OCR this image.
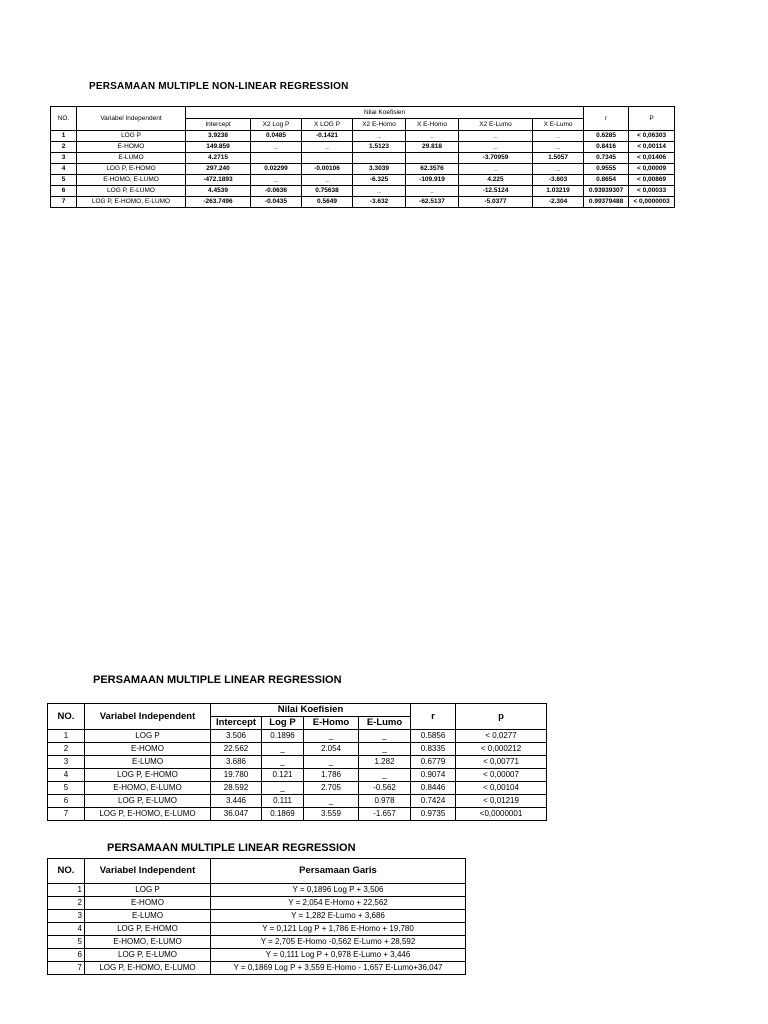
PERSAMAAN MULTIPLE NON-LINEAR REGRESSION
NO.	Variabel Independent	Nilai Koefisien							r	P
		Intercept	X2 Log P	X LOG P	X2 E-Homo	X E-Homo	X2 E-Lumo	X E-Lumo		
1	LOG P	3.9238	0.0485	-0.1421	_	_	_	_	0.6285	< 0,06303
2	E-HOMO	149.859	_	_	1.5123	29.818	_	_	0.8416	< 0,00114
3	E-LUMO	4.2715					-3.70959	1.5057	0.7345	< 0,01406
4	LOG P, E-HOMO	297.240	0.02299	-0.00106	3.3039	62.3576	_	_	0.9555	< 0,00009
5	E-HOMO, E-LUMO	-472.1893	_	_	-6.325	-109.919	4.225	-3.603	0.8654	< 0,00869
6	LOG P, E-LUMO	4.4539	-0.0636	0.75638	_	_	-12.5124	1.03219	0.93939307	< 0,00033
7	LOG P, E-HOMO, E-LUMO	-263.7496	-0.0435	0.5649	-3.632	-62.5137	-5.0377	-2.304	0.99379488	< 0,0000003
PERSAMAAN MULTIPLE LINEAR REGRESSION
NO.	Variabel Independent	Nilai Koefisien				r	p
		Intercept	Log P	E-Homo	E-Lumo		
1	LOG P	3.506	0.1896	_	_	0.5856	< 0,0277
2	E-HOMO	22.562	_	2.054	_	0.8335	< 0,000212
3	E-LUMO	3.686	_	_	1.282	0.6779	< 0,00771
4	LOG P, E-HOMO	19.780	0.121	1.786	_	0.9074	< 0,00007
5	E-HOMO, E-LUMO	28.592	_	2.705	-0.562	0.8446	< 0,00104
6	LOG P, E-LUMO	3.446	0.111	_	0.978	0.7424	< 0,01219
7	LOG P, E-HOMO, E-LUMO	36.047	0.1869	3.559	-1.657	0.9735	<0,0000001
PERSAMAAN MULTIPLE LINEAR REGRESSION
NO.	Variabel Independent	Persamaan Garis
1	LOG P	Y = 0,1896 Log P + 3,506
2	E-HOMO	Y = 2,054 E-Homo + 22,562
3	E-LUMO	Y = 1,282 E-Lumo + 3,686
4	LOG P, E-HOMO	Y = 0,121 Log P + 1,786 E-Homo + 19,780
5	E-HOMO, E-LUMO	Y = 2,705 E-Homo -0,562 E-Lumo + 28,592
6	LOG P, E-LUMO	Y = 0,111 Log P + 0,978 E-Lumo + 3,446
7	LOG P, E-HOMO, E-LUMO	Y = 0,1869 Log P + 3,559 E-Homo - 1,657 E-Lumo+36,047
